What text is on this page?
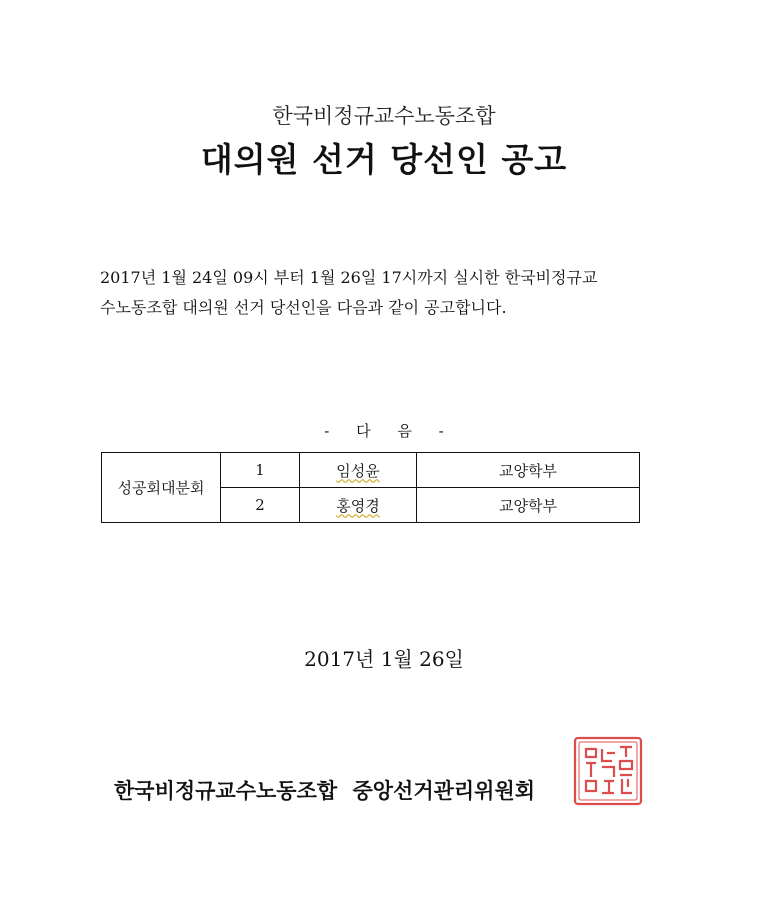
한국비정규교수노동조합
대의원 선거 당선인 공고
2017년 1월 24일 09시 부터 1월 26일 17시까지 실시한 한국비정규교
수노동조합 대의원 선거 당선인을 다음과 같이 공고합니다.
- 다 음 -
성공회대분회	1	임성윤	교양학부
	2	홍영경	교양학부
2017년 1월 26일
한국비정규교수노동조합 중앙선거관리위원회
